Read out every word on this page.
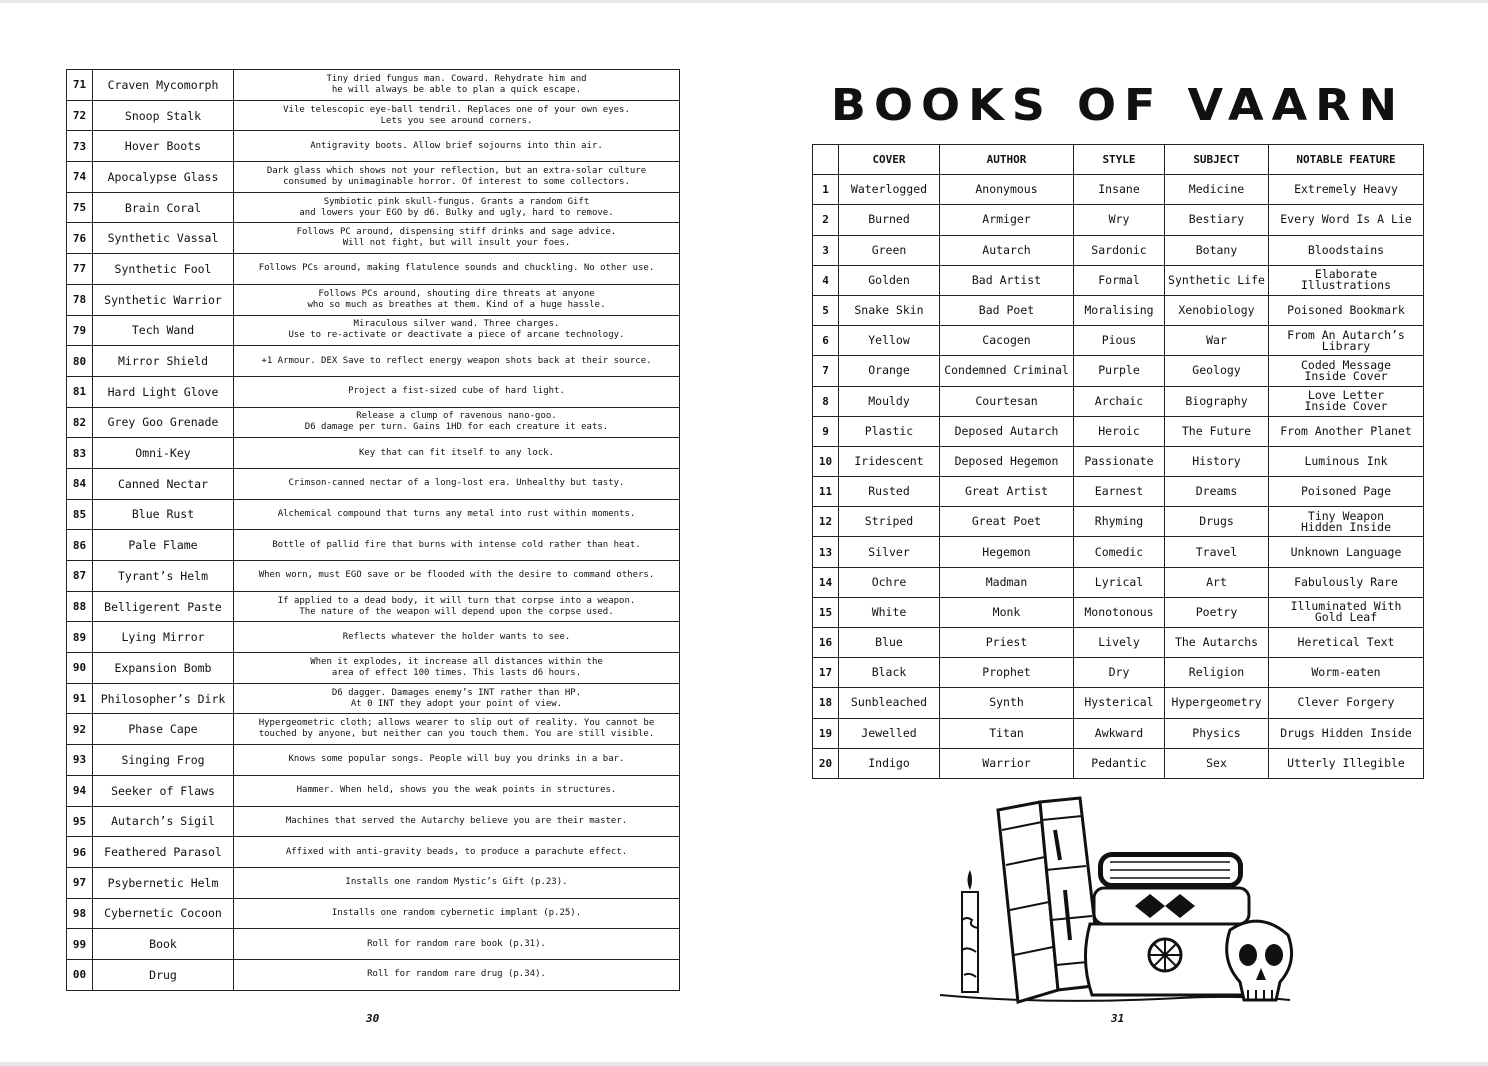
71	Craven Mycomorph	Tiny dried fungus man. Coward. Rehydrate him and
he will always be able to plan a quick escape.
72	Snoop Stalk	Vile telescopic eye-ball tendril. Replaces one of your own eyes.
Lets you see around corners.
73	Hover Boots	Antigravity boots. Allow brief sojourns into thin air.
74	Apocalypse Glass	Dark glass which shows not your reflection, but an extra-solar culture
consumed by unimaginable horror. Of interest to some collectors.
75	Brain Coral	Symbiotic pink skull-fungus. Grants a random Gift
and lowers your EGO by d6. Bulky and ugly, hard to remove.
76	Synthetic Vassal	Follows PC around, dispensing stiff drinks and sage advice.
Will not fight, but will insult your foes.
77	Synthetic Fool	Follows PCs around, making flatulence sounds and chuckling. No other use.
78	Synthetic Warrior	Follows PCs around, shouting dire threats at anyone
who so much as breathes at them. Kind of a huge hassle.
79	Tech Wand	Miraculous silver wand. Three charges.
Use to re-activate or deactivate a piece of arcane technology.
80	Mirror Shield	+1 Armour. DEX Save to reflect energy weapon shots back at their source.
81	Hard Light Glove	Project a fist-sized cube of hard light.
82	Grey Goo Grenade	Release a clump of ravenous nano-goo.
D6 damage per turn. Gains 1HD for each creature it eats.
83	Omni-Key	Key that can fit itself to any lock.
84	Canned Nectar	Crimson-canned nectar of a long-lost era. Unhealthy but tasty.
85	Blue Rust	Alchemical compound that turns any metal into rust within moments.
86	Pale Flame	Bottle of pallid fire that burns with intense cold rather than heat.
87	Tyrant’s Helm	When worn, must EGO save or be flooded with the desire to command others.
88	Belligerent Paste	If applied to a dead body, it will turn that corpse into a weapon.
The nature of the weapon will depend upon the corpse used.
89	Lying Mirror	Reflects whatever the holder wants to see.
90	Expansion Bomb	When it explodes, it increase all distances within the
area of effect 100 times. This lasts d6 hours.
91	Philosopher’s Dirk	D6 dagger. Damages enemy’s INT rather than HP.
At 0 INT they adopt your point of view.
92	Phase Cape	Hypergeometric cloth; allows wearer to slip out of reality. You cannot be
touched by anyone, but neither can you touch them. You are still visible.
93	Singing Frog	Knows some popular songs. People will buy you drinks in a bar.
94	Seeker of Flaws	Hammer. When held, shows you the weak points in structures.
95	Autarch’s Sigil	Machines that served the Autarchy believe you are their master.
96	Feathered Parasol	Affixed with anti-gravity beads, to produce a parachute effect.
97	Psybernetic Helm	Installs one random Mystic’s Gift (p.23).
98	Cybernetic Cocoon	Installs one random cybernetic implant (p.25).
99	Book	Roll for random rare book (p.31).
00	Drug	Roll for random rare drug (p.34).
30
BOOKS OF VAARN
	COVER	AUTHOR	STYLE	SUBJECT	NOTABLE FEATURE
1	Waterlogged	Anonymous	Insane	Medicine	Extremely Heavy
2	Burned	Armiger	Wry	Bestiary	Every Word Is A Lie
3	Green	Autarch	Sardonic	Botany	Bloodstains
4	Golden	Bad Artist	Formal	Synthetic Life	Elaborate
Illustrations
5	Snake Skin	Bad Poet	Moralising	Xenobiology	Poisoned Bookmark
6	Yellow	Cacogen	Pious	War	From An Autarch’s
Library
7	Orange	Condemned Criminal	Purple	Geology	Coded Message
Inside Cover
8	Mouldy	Courtesan	Archaic	Biography	Love Letter
Inside Cover
9	Plastic	Deposed Autarch	Heroic	The Future	From Another Planet
10	Iridescent	Deposed Hegemon	Passionate	History	Luminous Ink
11	Rusted	Great Artist	Earnest	Dreams	Poisoned Page
12	Striped	Great Poet	Rhyming	Drugs	Tiny Weapon
Hidden Inside
13	Silver	Hegemon	Comedic	Travel	Unknown Language
14	Ochre	Madman	Lyrical	Art	Fabulously Rare
15	White	Monk	Monotonous	Poetry	Illuminated With
Gold Leaf
16	Blue	Priest	Lively	The Autarchs	Heretical Text
17	Black	Prophet	Dry	Religion	Worm-eaten
18	Sunbleached	Synth	Hysterical	Hypergeometry	Clever Forgery
19	Jewelled	Titan	Awkward	Physics	Drugs Hidden Inside
20	Indigo	Warrior	Pedantic	Sex	Utterly Illegible
31
